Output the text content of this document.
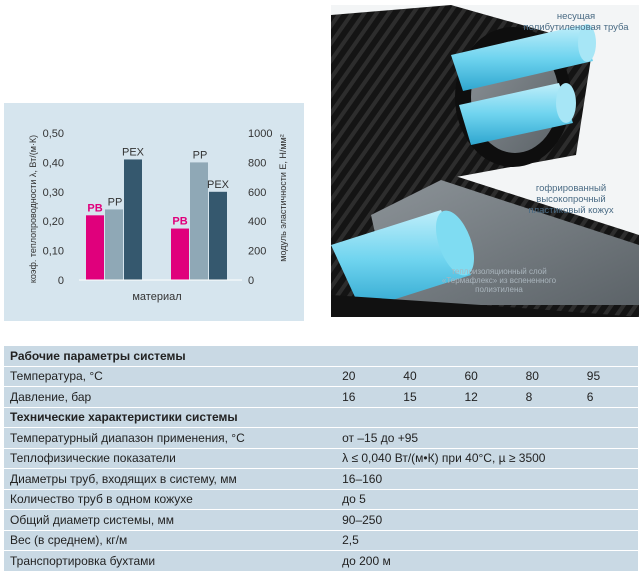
0
0,10
0,20
0,30
0,40
0,50
0
200
400
600
800
1000
PB PP
PEX
PB
PP
PEX
материал
коэф. теплопроводности λ, Вт/(м·К)	модуль эластичности E, Н/мм²
несущая полибутиленовая труба
гофрированный высокопрочный пластиковый кожух
теплоизоляционный слой «Термафлекс» из вспененного полиэтилена
Рабочие параметры системы					
Температура, °С	20	40	60	80	95
Давление, бар	16	15	12	8	6
Технические характеристики системы					
Температурный диапазон применения, °С	от –15 до +95				
Теплофизические показатели	λ ≤ 0,040 Вт/(м•К) при 40°С, µ ≥ 3500				
Диаметры труб, входящих в систему, мм	16–160				
Количество труб в одном кожухе	до 5				
Общий диаметр системы, мм	90–250				
Вес (в среднем), кг/м	2,5				
Транспортировка бухтами	до 200 м				
